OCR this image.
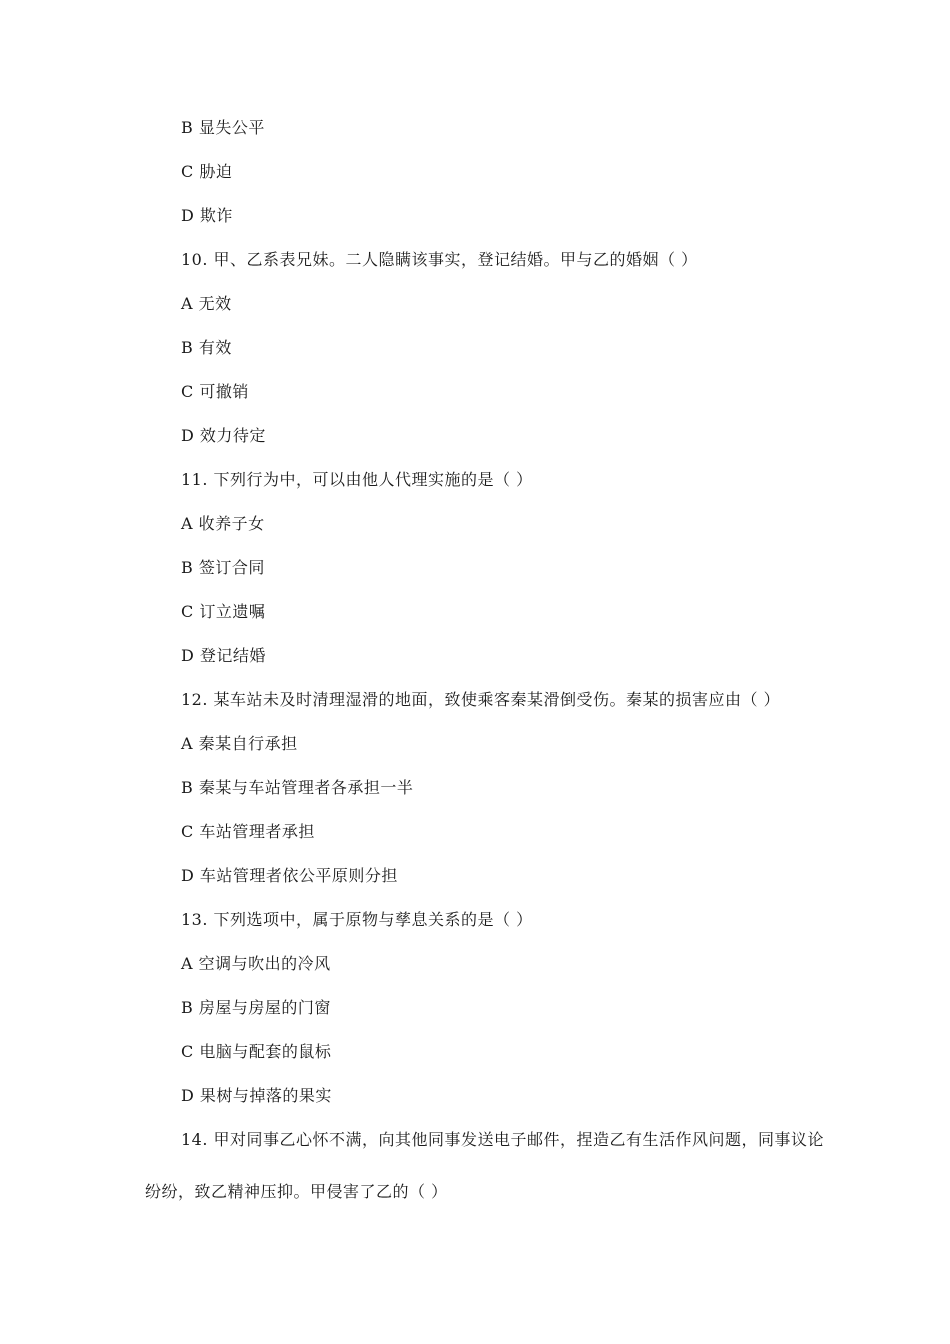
B 显失公平
C 胁迫
D 欺诈
10. 甲、乙系表兄妹。二人隐瞒该事实，登记结婚。甲与乙的婚姻（ ）
A 无效
B 有效
C 可撤销
D 效力待定
11. 下列行为中，可以由他人代理实施的是（ ）
A 收养子女
B 签订合同
C 订立遗嘱
D 登记结婚
12. 某车站未及时清理湿滑的地面，致使乘客秦某滑倒受伤。秦某的损害应由（ ）
A 秦某自行承担
B 秦某与车站管理者各承担一半
C 车站管理者承担
D 车站管理者依公平原则分担
13. 下列选项中，属于原物与孳息关系的是（ ）
A 空调与吹出的冷风
B 房屋与房屋的门窗
C 电脑与配套的鼠标
D 果树与掉落的果实
14. 甲对同事乙心怀不满，向其他同事发送电子邮件，捏造乙有生活作风问题，同事议论
纷纷，致乙精神压抑。甲侵害了乙的（ ）
